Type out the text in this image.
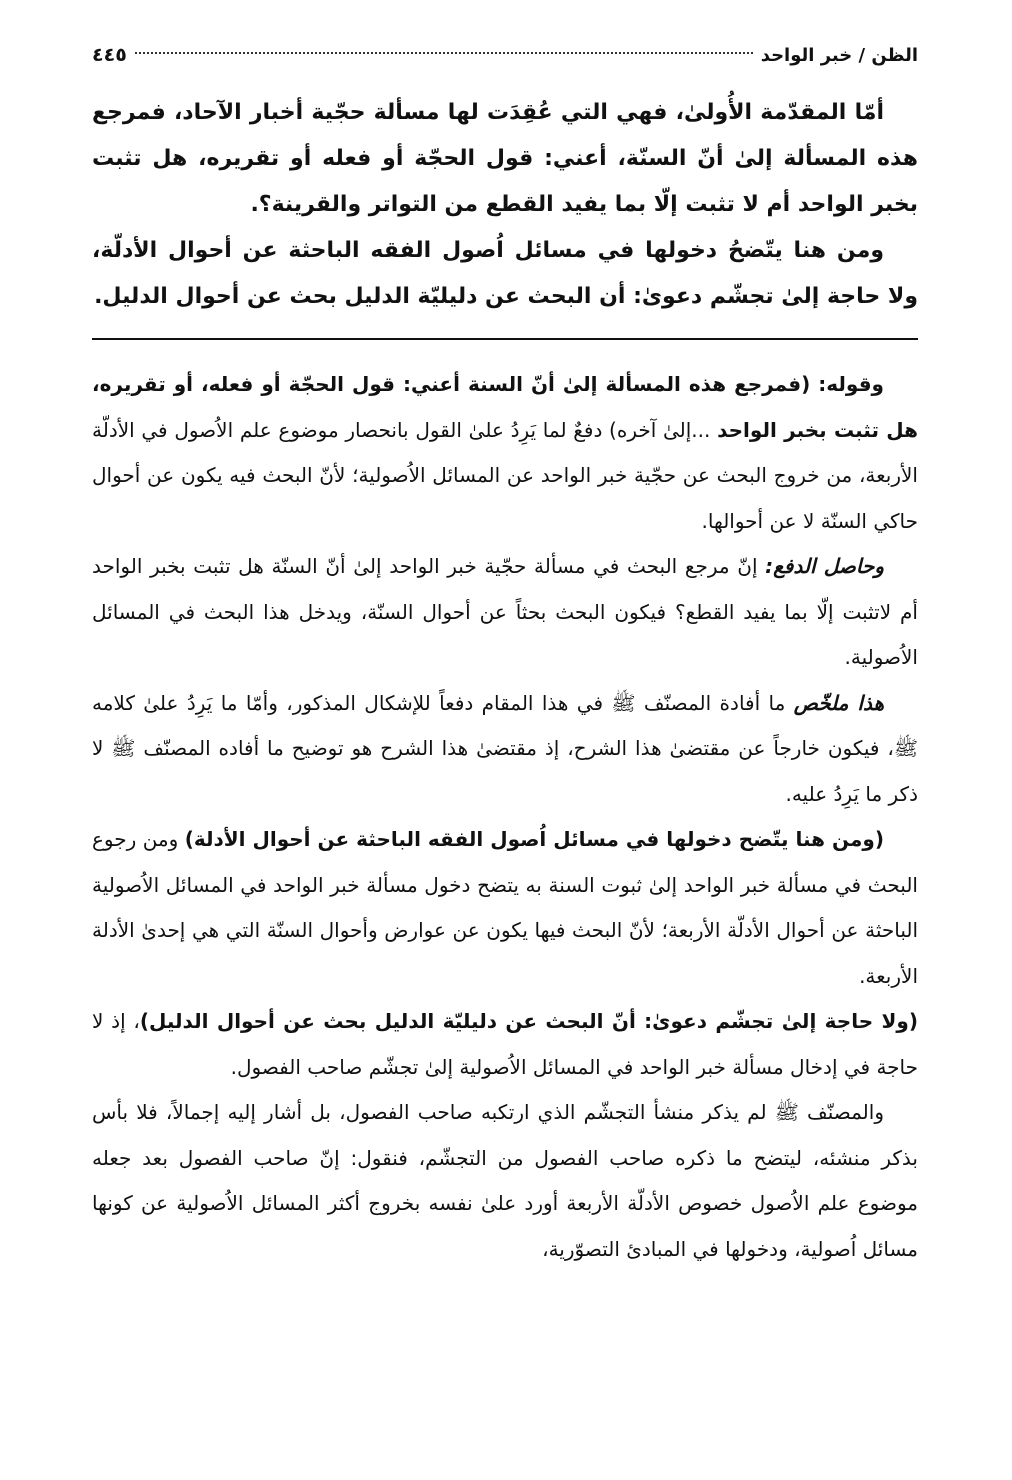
الظن / خبر الواحد
٤٤٥

أمّا المقدّمة الأُولىٰ، فهي التي عُقِدَت لها مسألة حجّية أخبار الآحاد، فمرجع هذه المسألة إلىٰ أنّ السنّة، أعني: قول الحجّة أو فعله أو تقريره، هل تثبت بخبر الواحد أم لا تثبت إلّا بما يفيد القطع من التواتر والقرينة؟.

ومن هنا يتّضحُ دخولها في مسائل اُصول الفقه الباحثة عن أحوال الأدلّة، ولا حاجة إلىٰ تجشّم دعوىٰ: أن البحث عن دليليّة الدليل بحث عن أحوال الدليل.

وقوله: (فمرجع هذه المسألة إلىٰ أنّ السنة أعني: قول الحجّة أو فعله، أو تقريره، هل تثبت بخبر الواحد ...إلىٰ آخره) دفعٌ لما يَرِدُ علىٰ القول بانحصار موضوع علم الاُصول في الأدلّة الأربعة، من خروج البحث عن حجّية خبر الواحد عن المسائل الاُصولية؛ لأنّ البحث فيه يكون عن أحوال حاكي السنّة لا عن أحوالها.

وحاصل الدفع: إنّ مرجع البحث في مسألة حجّية خبر الواحد إلىٰ أنّ السنّة هل تثبت بخبر الواحد أم لاتثبت إلّا بما يفيد القطع؟ فيكون البحث بحثاً عن أحوال السنّة، ويدخل هذا البحث في المسائل الاُصولية.

هذا ملخّص ما أفادة المصنّف ﷺ في هذا المقام دفعاً للإشكال المذكور، وأمّا ما يَرِدُ علىٰ كلامه ﷺ، فيكون خارجاً عن مقتضىٰ هذا الشرح، إذ مقتضىٰ هذا الشرح هو توضيح ما أفاده المصنّف ﷺ لا ذكر ما يَرِدُ عليه.

(ومن هنا يتّضح دخولها في مسائل اُصول الفقه الباحثة عن أحوال الأدلة) ومن رجوع البحث في مسألة خبر الواحد إلىٰ ثبوت السنة به يتضح دخول مسألة خبر الواحد في المسائل الاُصولية الباحثة عن أحوال الأدلّة الأربعة؛ لأنّ البحث فيها يكون عن عوارض وأحوال السنّة التي هي إحدىٰ الأدلة الأربعة.

(ولا حاجة إلىٰ تجشّم دعوىٰ: أنّ البحث عن دليليّة الدليل بحث عن أحوال الدليل)، إذ لا حاجة في إدخال مسألة خبر الواحد في المسائل الاُصولية إلىٰ تجشّم صاحب الفصول.

والمصنّف ﷺ لم يذكر منشأ التجشّم الذي ارتكبه صاحب الفصول، بل أشار إليه إجمالاً، فلا بأس بذكر منشئه، ليتضح ما ذكره صاحب الفصول من التجشّم، فنقول: إنّ صاحب الفصول بعد جعله موضوع علم الاُصول خصوص الأدلّة الأربعة أورد علىٰ نفسه بخروج أكثر المسائل الاُصولية عن كونها مسائل اُصولية، ودخولها في المبادئ التصوّرية،
